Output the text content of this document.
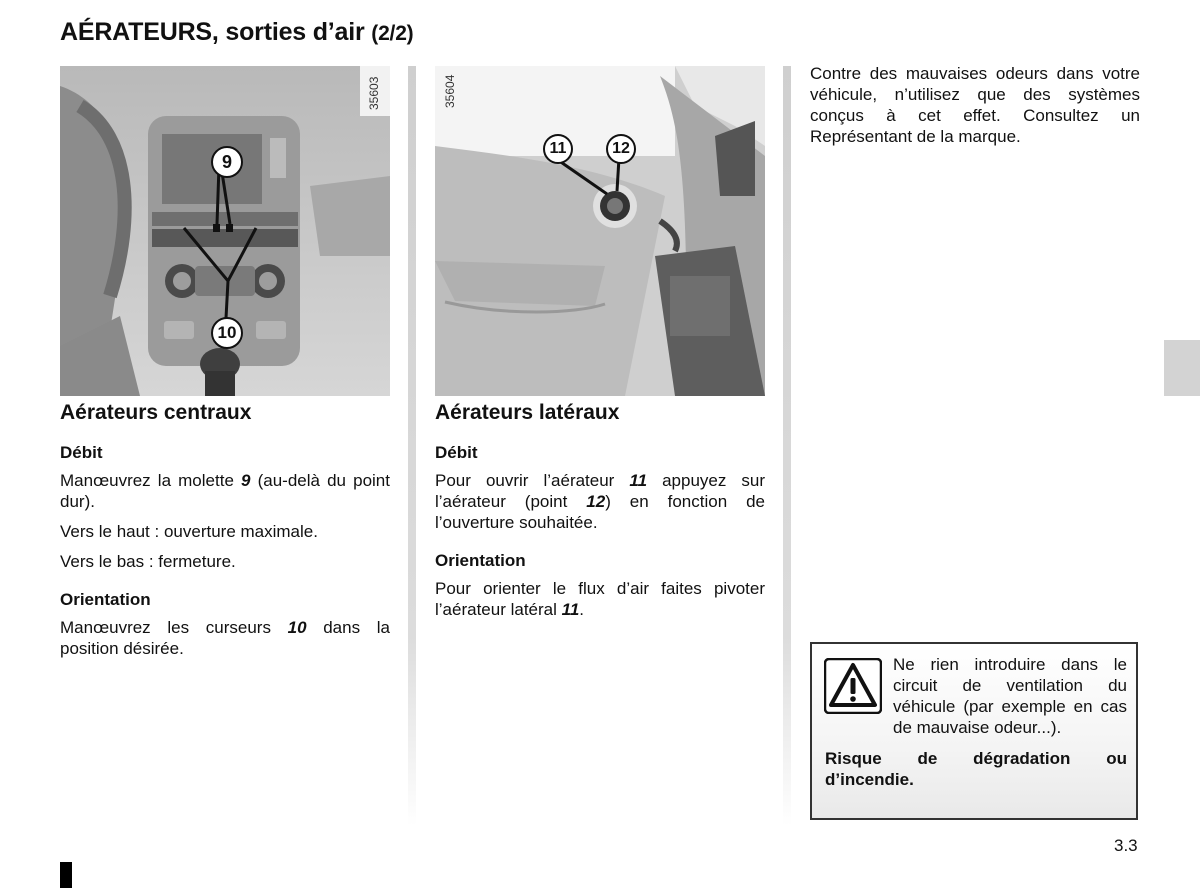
AÉRATEURS, sorties d’air (2/2)
35603
9
10
35604
11	12
Aérateurs centraux
Débit

Manœuvrez la molette 9 (au-delà du point dur).

Vers le haut : ouverture maximale.

Vers le bas : fermeture.

Orientation

Manœuvrez les curseurs 10 dans la position désirée.

Aérateurs latéraux
Débit

Pour ouvrir l’aérateur 11 appuyez sur l’aérateur (point 12) en fonction de l’ouverture souhaitée.

Orientation

Pour orienter le flux d’air faites pivoter l’aérateur latéral 11.

Contre des mauvaises odeurs dans votre véhicule, n’utilisez que des systèmes conçus à cet effet. Consultez un Représentant de la marque.

Ne rien introduire dans le circuit de ventilation du véhicule (par exemple en cas de mauvaise odeur...).
Risque de dégradation ou d’incendie.
3.3
